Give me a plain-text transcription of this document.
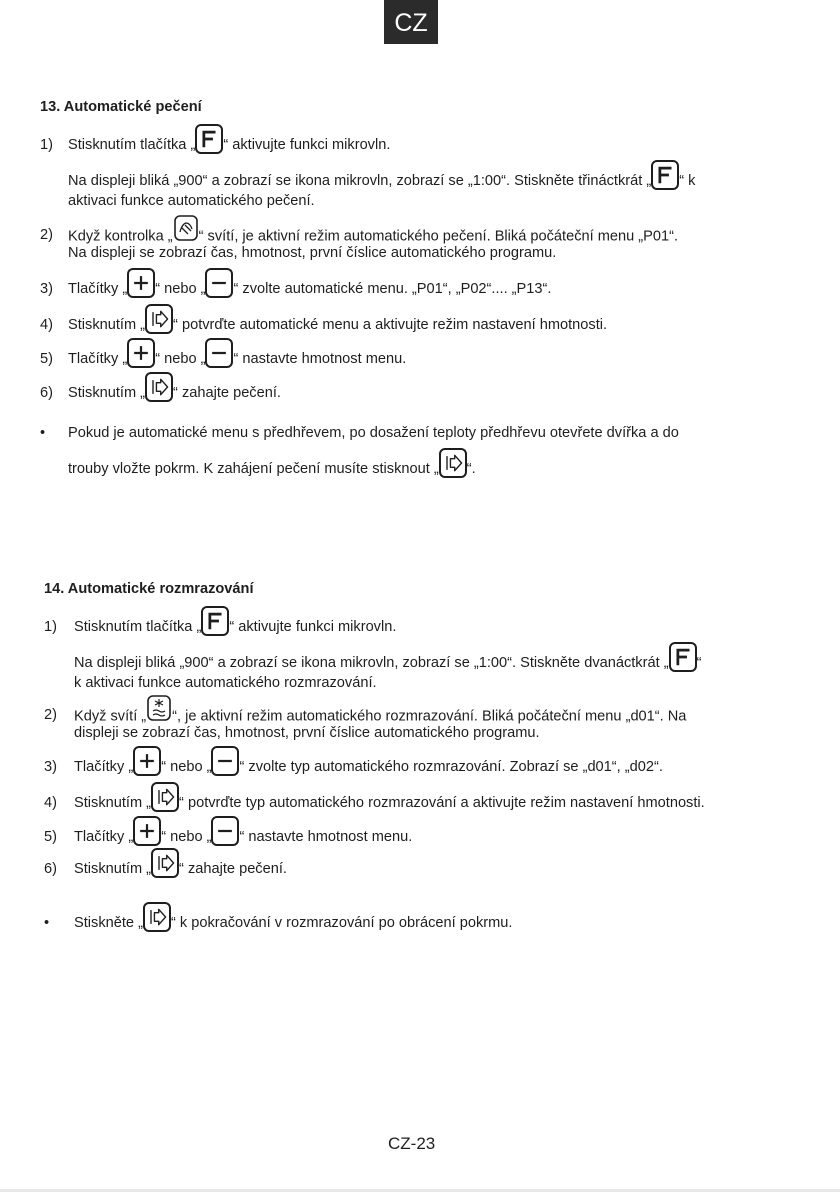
CZ
13. Automatické pečení
1) Stisknutím tlačítka „ “ aktivujte funkci mikrovln.
Na displeji bliká „900“ a zobrazí se ikona mikrovln, zobrazí se „1:00“. Stiskněte třináctkrát „ “ k
aktivaci funkce automatického pečení.
2) Když kontrolka „ “ svítí, je aktivní režim automatického pečení. Bliká počáteční menu „P01“.
Na displeji se zobrazí čas, hmotnost, první číslice automatického programu.
3) Tlačítky „ “ nebo „ “ zvolte automatické menu. „P01“, „P02“.... „P13“.
4) Stisknutím „ “ potvrďte automatické menu a aktivujte režim nastavení hmotnosti.
5) Tlačítky „ “ nebo „ “ nastavte hmotnost menu.
6) Stisknutím „ “ zahajte pečení.
• Pokud je automatické menu s předhřevem, po dosažení teploty předhřevu otevřete dvířka a do
trouby vložte pokrm. K zahájení pečení musíte stisknout „ “.
14. Automatické rozmrazování
1) Stisknutím tlačítka „ “ aktivujte funkci mikrovln.
Na displeji bliká „900“ a zobrazí se ikona mikrovln, zobrazí se „1:00“. Stiskněte dvanáctkrát „ “
k aktivaci funkce automatického rozmrazování.
2) Když svítí „ “, je aktivní režim automatického rozmrazování. Bliká počáteční menu „d01“. Na
displeji se zobrazí čas, hmotnost, první číslice automatického programu.
3) Tlačítky „ “ nebo „ “ zvolte typ automatického rozmrazování. Zobrazí se „d01“, „d02“.
4) Stisknutím „ “ potvrďte typ automatického rozmrazování a aktivujte režim nastavení hmotnosti.
5) Tlačítky „ “ nebo „ “ nastavte hmotnost menu.
6) Stisknutím „ “ zahajte pečení.
• Stiskněte „ “ k pokračování v rozmrazování po obrácení pokrmu.
CZ-23
